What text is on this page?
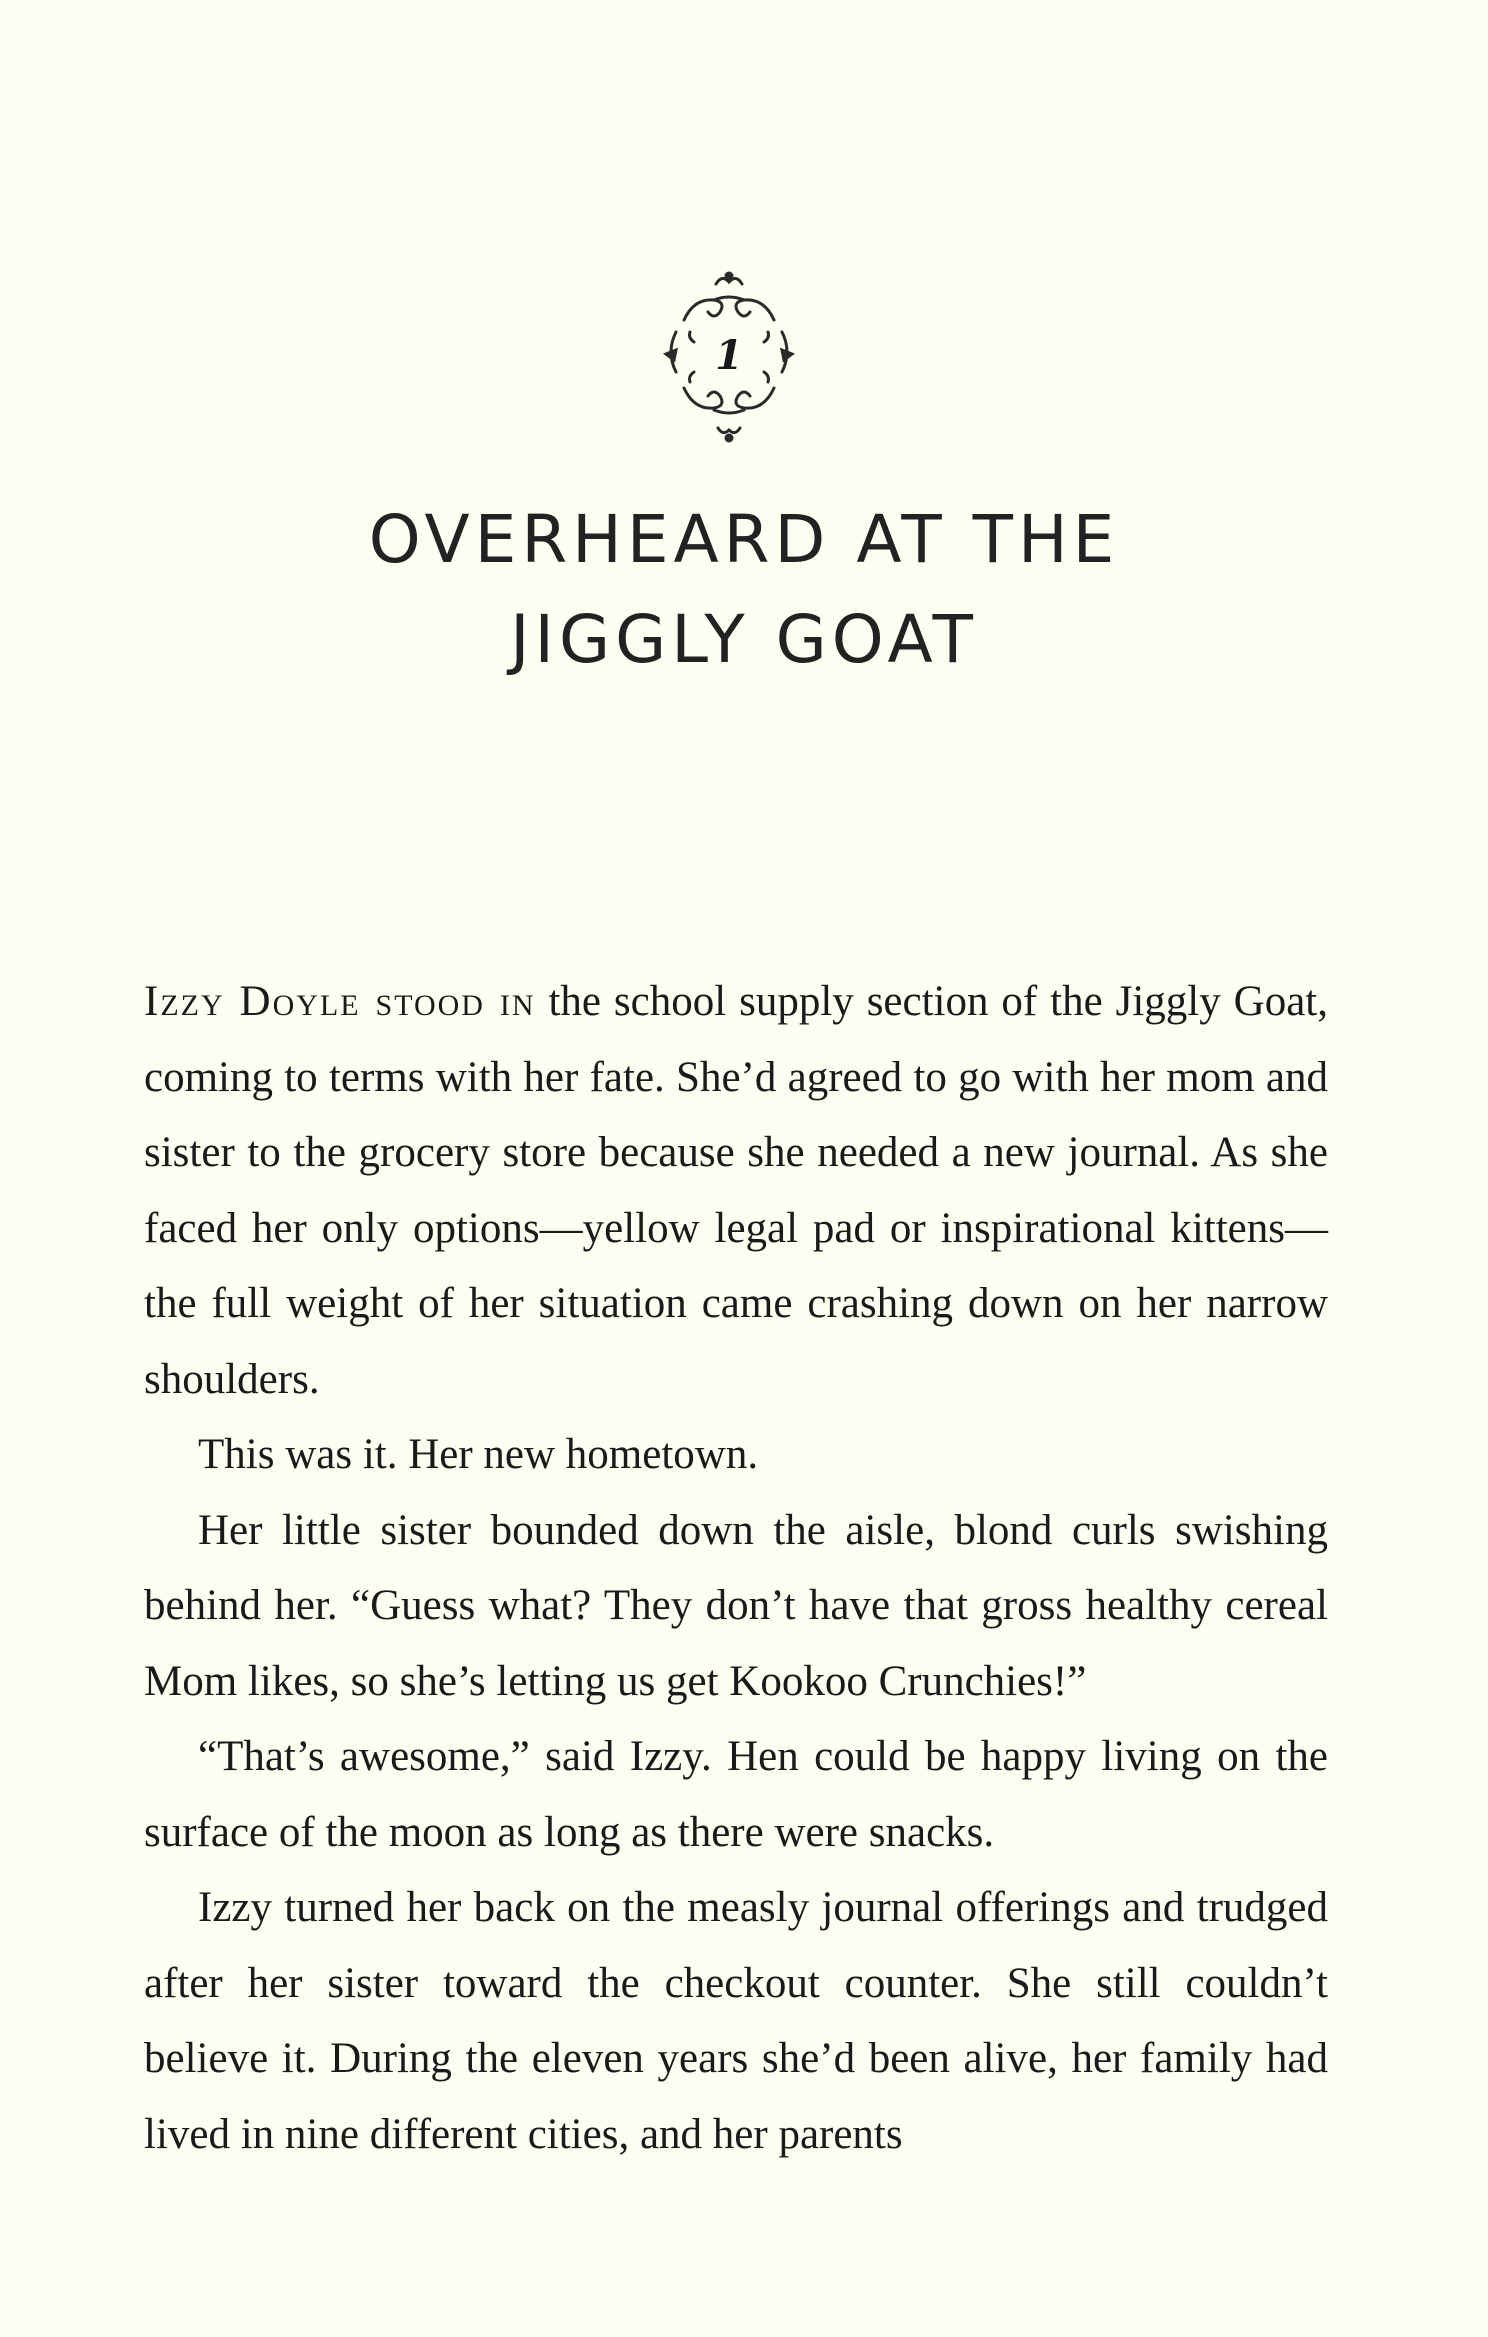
1
OVERHEARD AT THE
JIGGLY GOAT

Izzy Doyle stood in the school supply section of the Jiggly Goat, coming to terms with her fate. She’d agreed to go with her mom and sister to the grocery store because she needed a new journal. As she faced her only options—yellow legal pad or inspirational kittens—the full weight of her situation came crashing down on her narrow shoulders.

This was it. Her new hometown.

Her little sister bounded down the aisle, blond curls swishing behind her. “Guess what? They don’t have that gross healthy cereal Mom likes, so she’s letting us get Kookoo Crunchies!”

“That’s awesome,” said Izzy. Hen could be happy living on the surface of the moon as long as there were snacks.

Izzy turned her back on the measly journal offerings and trudged after her sister toward the checkout counter. She still couldn’t believe it. During the eleven years she’d been alive, her family had lived in nine different cities, and her parents
